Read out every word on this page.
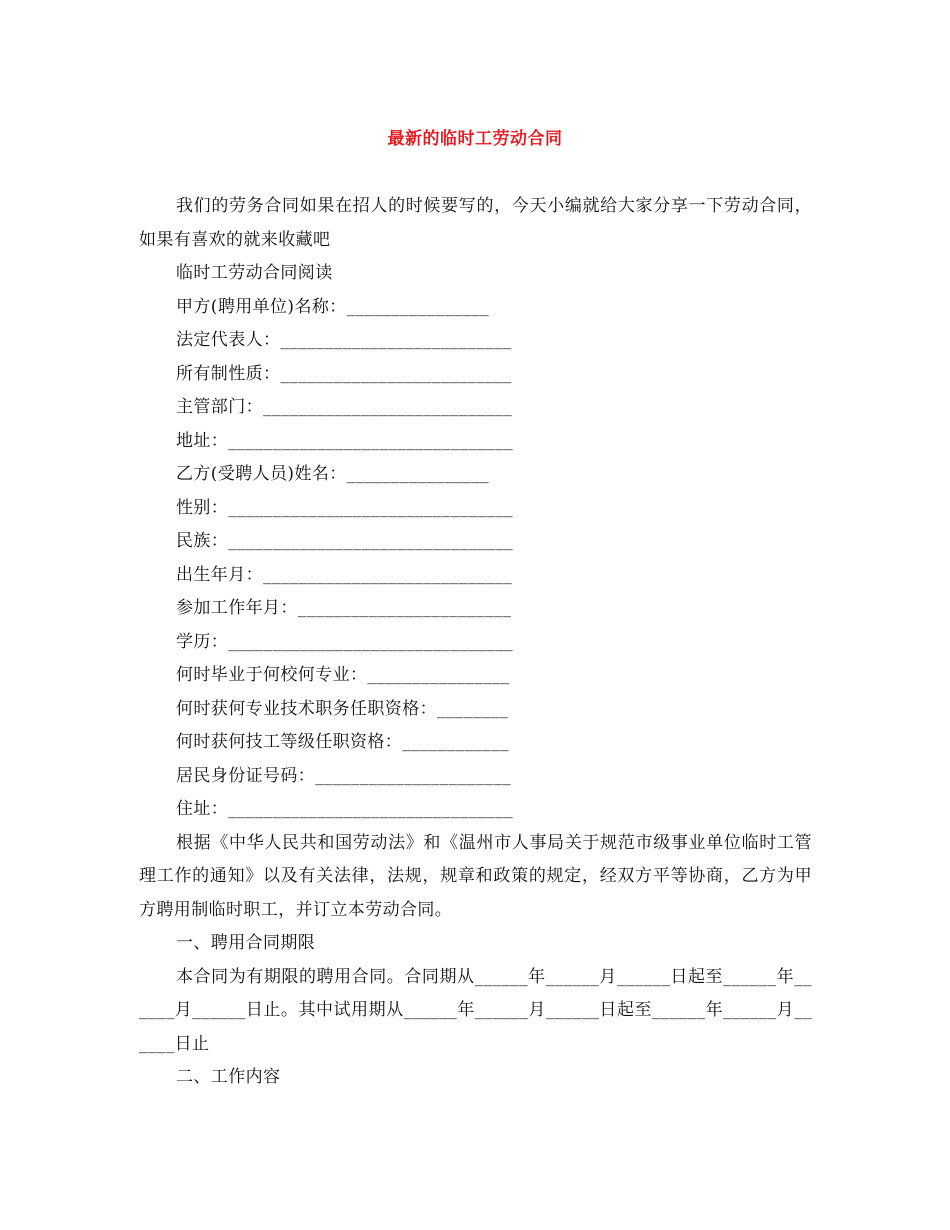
最新的临时工劳动合同

我们的劳务合同如果在招人的时候要写的，今天小编就给大家分享一下劳动合同，如果有喜欢的就来收藏吧

临时工劳动合同阅读

甲方(聘用单位)名称：________________

法定代表人：__________________________

所有制性质：__________________________

主管部门：____________________________

地址：________________________________

乙方(受聘人员)姓名：________________

性别：________________________________

民族：________________________________

出生年月：____________________________

参加工作年月：________________________

学历：________________________________

何时毕业于何校何专业：________________

何时获何专业技术职务任职资格：________

何时获何技工等级任职资格：____________

居民身份证号码：______________________

住址：________________________________

根据《中华人民共和国劳动法》和《温州市人事局关于规范市级事业单位临时工管理工作的通知》以及有关法律，法规，规章和政策的规定，经双方平等协商，乙方为甲方聘用制临时职工，并订立本劳动合同。

一、聘用合同期限

本合同为有期限的聘用合同。合同期从______年______月______日起至______年______月______日止。其中试用期从______年______月______日起至______年______月______日止

二、工作内容
